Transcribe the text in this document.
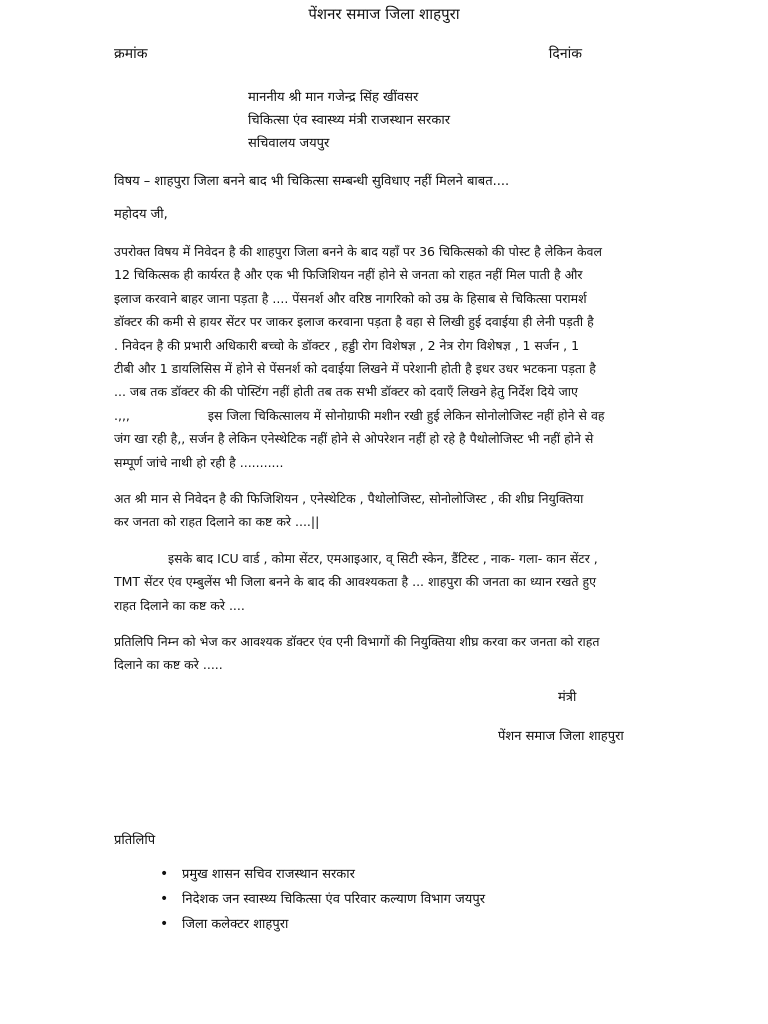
पेंशनर समाज जिला शाहपुरा
क्रमांक	दिनांक
माननीय श्री मान गजेन्द्र सिंह खींवसर
चिकित्सा एंव स्वास्थ्य मंत्री राजस्थान सरकार
सचिवालय जयपुर
विषय – शाहपुरा जिला बनने बाद भी चिकित्सा सम्बन्धी सुविधाए नहीं मिलने बाबत....
महोदय जी,
उपरोक्त विषय में निवेदन है की शाहपुरा जिला बनने के बाद यहाँ पर 36 चिकित्सको की पोस्ट है लेकिन केवल
12 चिकित्सक ही कार्यरत है और एक भी फिजिशियन नहीं होने से जनता को राहत नहीं मिल पाती है और
इलाज करवाने बाहर जाना पड़ता है .... पेंसनर्श और वरिष्ठ नागरिको को उम्र के हिसाब से चिकित्सा परामर्श
डॉक्टर की कमी से हायर सेंटर पर जाकर इलाज करवाना पड़ता है वहा से लिखी हुई दवाईया ही लेनी पड़ती है
. निवेदन है की प्रभारी अधिकारी बच्चो के डॉक्टर , हड्डी रोग विशेषज्ञ , 2 नेत्र रोग विशेषज्ञ , 1 सर्जन , 1
टीबी और 1 डायलिसिस में होने से पेंसनर्श को दवाईया लिखने में परेशानी होती है इधर उधर भटकना पड़ता है
... जब तक डॉक्टर की की पोस्टिंग नहीं होती तब तक सभी डॉक्टर को दवाएँ लिखने हेतु निर्देश दिये जाए
.,,,	इस जिला चिकित्सालय में सोनोग्राफी मशीन रखी हुई लेकिन सोनोलोजिस्ट नहीं होने से वह
जंग खा रही है,, सर्जन है लेकिन एनेस्थेटिक नहीं होने से ओपरेशन नहीं हो रहे है पैथोलोजिस्ट भी नहीं होने से
सम्पूर्ण जांचे नाथी हो रही है ...........
अत श्री मान से निवेदन है की फिजिशियन , एनेस्थेटिक , पैथोलोजिस्ट, सोनोलोजिस्ट , की शीघ्र नियुक्तिया
कर जनता को राहत दिलाने का कष्ट करे ....||
इसके बाद ICU वार्ड , कोमा सेंटर, एमआइआर, व् सिटी स्केन, डैंटिस्ट , नाक- गला- कान सेंटर ,
TMT सेंटर एंव एम्बुलेंस भी जिला बनने के बाद की आवश्यकता है ... शाहपुरा की जनता का ध्यान रखते हुए
राहत दिलाने का कष्ट करे ....
प्रतिलिपि निम्न को भेज कर आवश्यक डॉक्टर एंव एनी विभागों की नियुक्तिया शीघ्र करवा कर जनता को राहत
दिलाने का कष्ट करे .....
मंत्री
पेंशन समाज जिला शाहपुरा
प्रतिलिपि
• प्रमुख शासन सचिव राजस्थान सरकार
• निदेशक जन स्वास्थ्य चिकित्सा एंव परिवार कल्याण विभाग जयपुर
• जिला कलेक्टर शाहपुरा
